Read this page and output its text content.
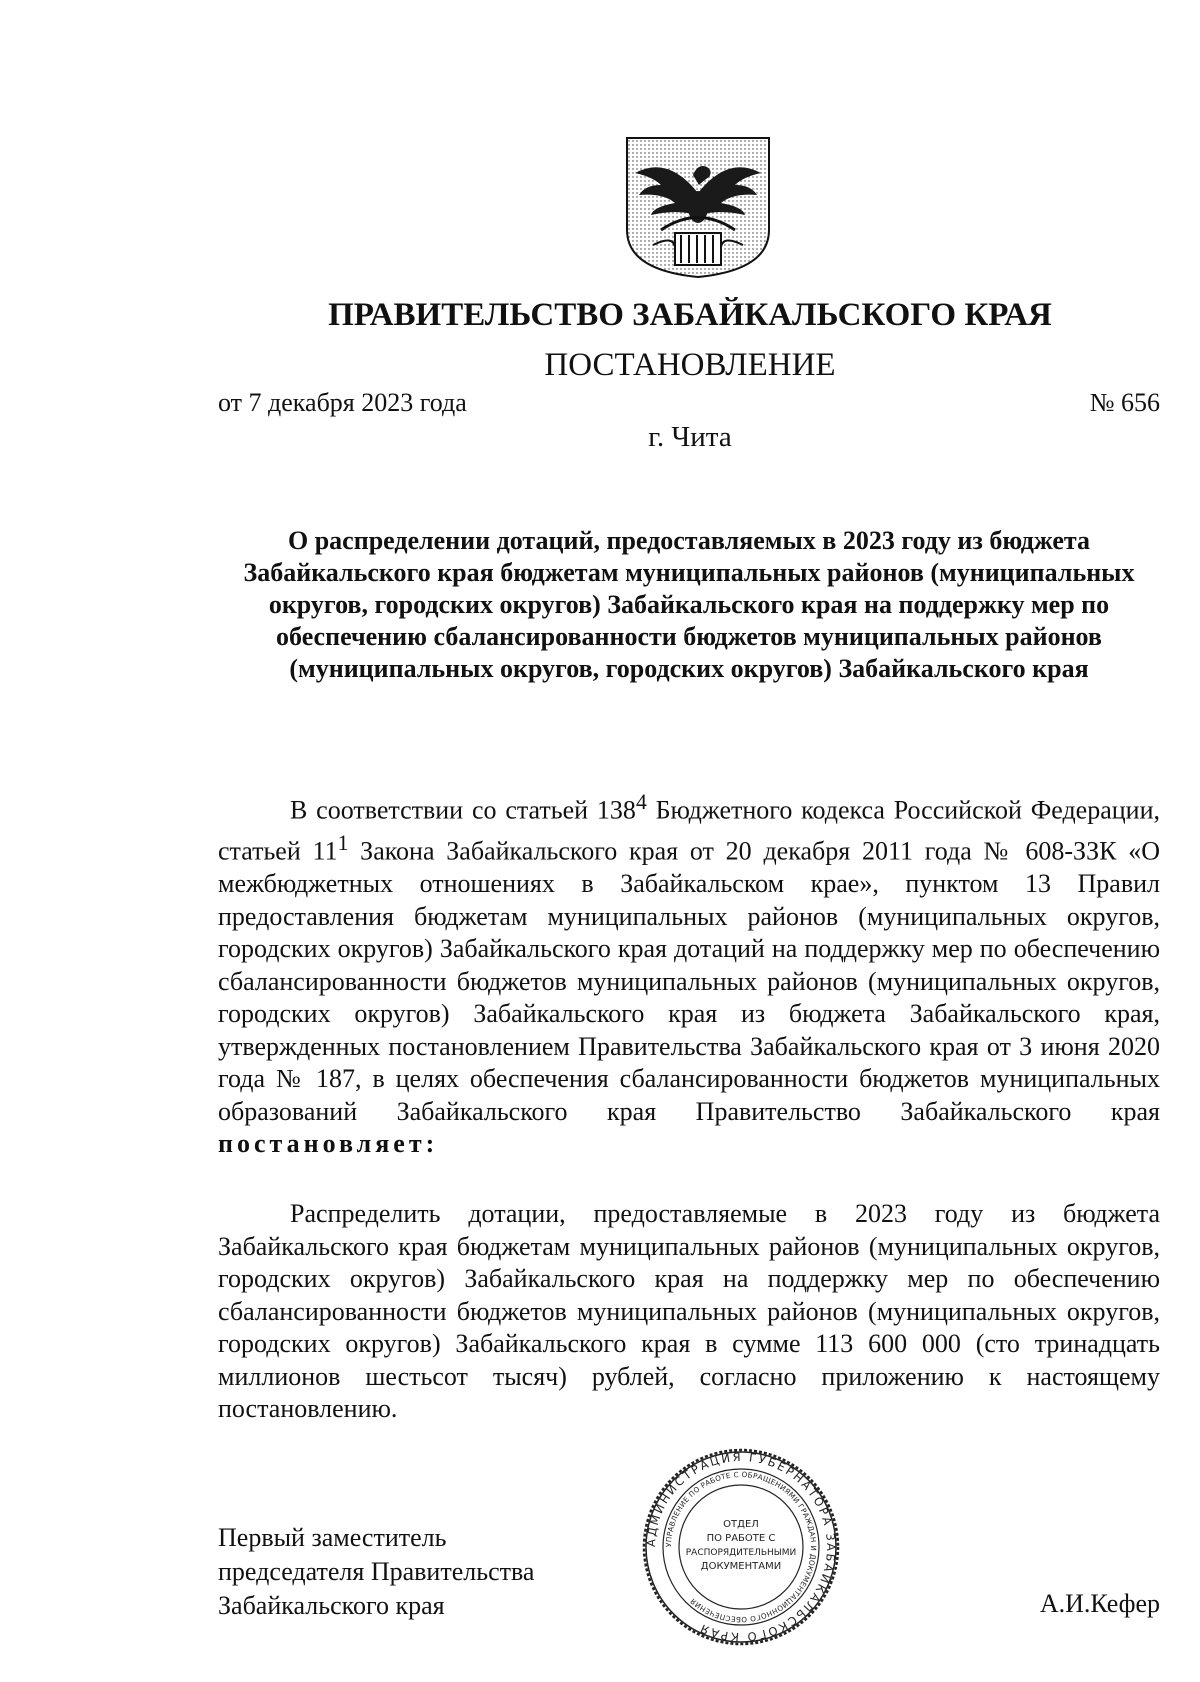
ПРАВИТЕЛЬСТВО ЗАБАЙКАЛЬСКОГО КРАЯ
ПОСТАНОВЛЕНИЕ
от 7 декабря 2023 года	№ 656
г. Чита

О распределении дотаций, предоставляемых в 2023 году из бюджета Забайкальского края бюджетам муниципальных районов (муниципальных округов, городских округов) Забайкальского края на поддержку мер по обеспечению сбалансированности бюджетов муниципальных районов (муниципальных округов, городских округов) Забайкальского края

В соответствии со статьей $138^4$ Бюджетного кодекса Российской Федерации, статьей $11^1$ Закона Забайкальского края от 20 декабря 2011 года № 608-ЗЗК «О межбюджетных отношениях в Забайкальском крае», пунктом 13 Правил предоставления бюджетам муниципальных районов (муниципальных округов, городских округов) Забайкальского края дотаций на поддержку мер по обеспечению сбалансированности бюджетов муниципальных районов (муниципальных округов, городских округов) Забайкальского края из бюджета Забайкальского края, утвержденных постановлением Правительства Забайкальского края от 3 июня 2020 года № 187, в целях обеспечения сбалансированности бюджетов муниципальных образований Забайкальского края Правительство Забайкальского края постановляет:

Распределить дотации, предоставляемые в 2023 году из бюджета Забайкальского края бюджетам муниципальных районов (муниципальных округов, городских округов) Забайкальского края на поддержку мер по обеспечению сбалансированности бюджетов муниципальных районов (муниципальных округов, городских округов) Забайкальского края в сумме 113 600 000 (сто тринадцать миллионов шестьсот тысяч) рублей, согласно приложению к настоящему постановлению.

Первый заместитель
председателя Правительства
Забайкальского края	А.И.Кефер
АДМИНИСТРАЦИЯ ГУБЕРНАТОРА ЗАБАЙКАЛЬСКОГО КРАЯ
УПРАВЛЕНИЕ ПО РАБОТЕ С ОБРАЩЕНИЯМИ ГРАЖДАН И ДОКУМЕНТАЦИОННОГО ОБЕСПЕЧЕНИЯ
ОТДЕЛ
ПО РАБОТЕ С
РАСПОРЯДИТЕЛЬНЫМИ
ДОКУМЕНТАМИ
